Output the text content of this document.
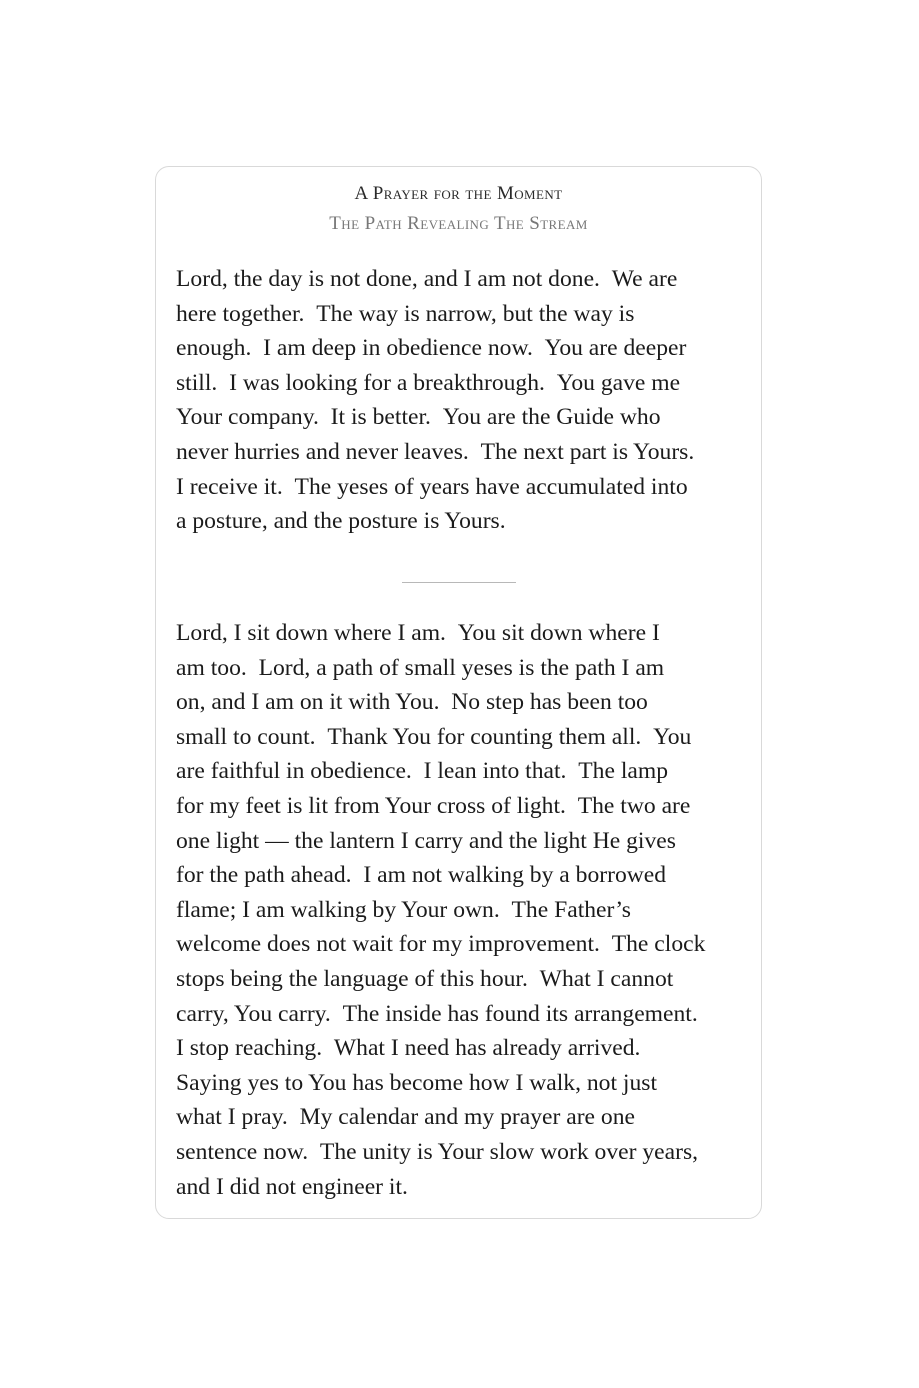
A Prayer for the Moment
The Path Revealing The Stream

Lord, the day is not done, and I am not done.  We are
here together.  The way is narrow, but the way is
enough.  I am deep in obedience now.  You are deeper
still.  I was looking for a breakthrough.  You gave me
Your company.  It is better.  You are the Guide who
never hurries and never leaves.  The next part is Yours.
I receive it.  The yeses of years have accumulated into
a posture, and the posture is Yours.

Lord, I sit down where I am.  You sit down where I
am too.  Lord, a path of small yeses is the path I am
on, and I am on it with You.  No step has been too
small to count.  Thank You for counting them all.  You
are faithful in obedience.  I lean into that.  The lamp
for my feet is lit from Your cross of light.  The two are
one light — the lantern I carry and the light He gives
for the path ahead.  I am not walking by a borrowed
flame; I am walking by Your own.  The Father’s
welcome does not wait for my improvement.  The clock
stops being the language of this hour.  What I cannot
carry, You carry.  The inside has found its arrangement.
I stop reaching.  What I need has already arrived.
Saying yes to You has become how I walk, not just
what I pray.  My calendar and my prayer are one
sentence now.  The unity is Your slow work over years,
and I did not engineer it.
